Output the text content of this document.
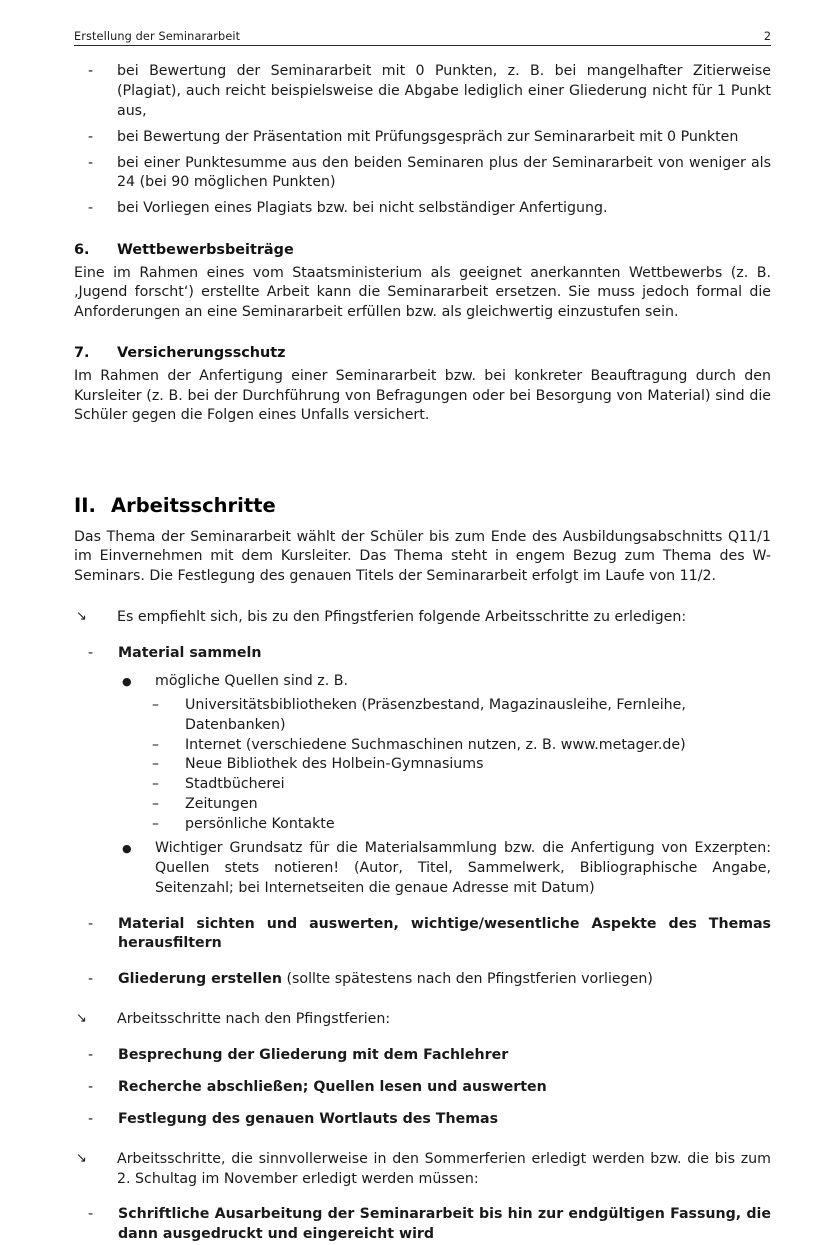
Erstellung der Seminararbeit	2
-	bei Bewertung der Seminararbeit mit 0 Punkten, z. B. bei mangelhafter Zitierweise (Plagiat), auch reicht beispielsweise die Abgabe lediglich einer Gliederung nicht für 1 Punkt aus,
-	bei Bewertung der Präsentation mit Prüfungsgespräch zur Seminararbeit mit 0 Punkten
-	bei einer Punktesumme aus den beiden Seminaren plus der Seminararbeit von weniger als 24 (bei 90 möglichen Punkten)
-	bei Vorliegen eines Plagiats bzw. bei nicht selbständiger Anfertigung.
6.	Wettbewerbsbeiträge

Eine im Rahmen eines vom Staatsministerium als geeignet anerkannten Wettbewerbs (z. B. ‚Jugend forscht‘) erstellte Arbeit kann die Seminararbeit ersetzen. Sie muss jedoch formal die Anforderungen an eine Seminararbeit erfüllen bzw. als gleichwertig einzustufen sein.

7.	Versicherungsschutz

Im Rahmen der Anfertigung einer Seminararbeit bzw. bei konkreter Beauftragung durch den Kursleiter (z. B. bei der Durchführung von Befragungen oder bei Besorgung von Material) sind die Schüler gegen die Folgen eines Unfalls versichert.

II. Arbeitsschritte

Das Thema der Seminararbeit wählt der Schüler bis zum Ende des Ausbildungsabschnitts Q11/1 im Einvernehmen mit dem Kursleiter. Das Thema steht in engem Bezug zum Thema des W-Seminars. Die Festlegung des genauen Titels der Seminararbeit erfolgt im Laufe von 11/2.

↘	Es empfiehlt sich, bis zu den Pfingstferien folgende Arbeitsschritte zu erledigen:
-	Material sammeln
●	mögliche Quellen sind z. B.
–	Universitätsbibliotheken (Präsenzbestand, Magazinausleihe, Fernleihe, Datenbanken)
–	Internet (verschiedene Suchmaschinen nutzen, z. B. www.metager.de)
–	Neue Bibliothek des Holbein-Gymnasiums
–	Stadtbücherei
–	Zeitungen
–	persönliche Kontakte
●	Wichtiger Grundsatz für die Materialsammlung bzw. die Anfertigung von Exzerpten: Quellen stets notieren! (Autor, Titel, Sammelwerk, Bibliographische Angabe, Seitenzahl; bei Internetseiten die genaue Adresse mit Datum)
-	Material sichten und auswerten, wichtige/wesentliche Aspekte des Themas herausfiltern
-	Gliederung erstellen (sollte spätestens nach den Pfingstferien vorliegen)
↘	Arbeitsschritte nach den Pfingstferien:
-	Besprechung der Gliederung mit dem Fachlehrer
-	Recherche abschließen; Quellen lesen und auswerten
-	Festlegung des genauen Wortlauts des Themas
↘	Arbeitsschritte, die sinnvollerweise in den Sommerferien erledigt werden bzw. die bis zum 2. Schultag im November erledigt werden müssen:
-	Schriftliche Ausarbeitung der Seminararbeit bis hin zur endgültigen Fassung, die dann ausgedruckt und eingereicht wird
